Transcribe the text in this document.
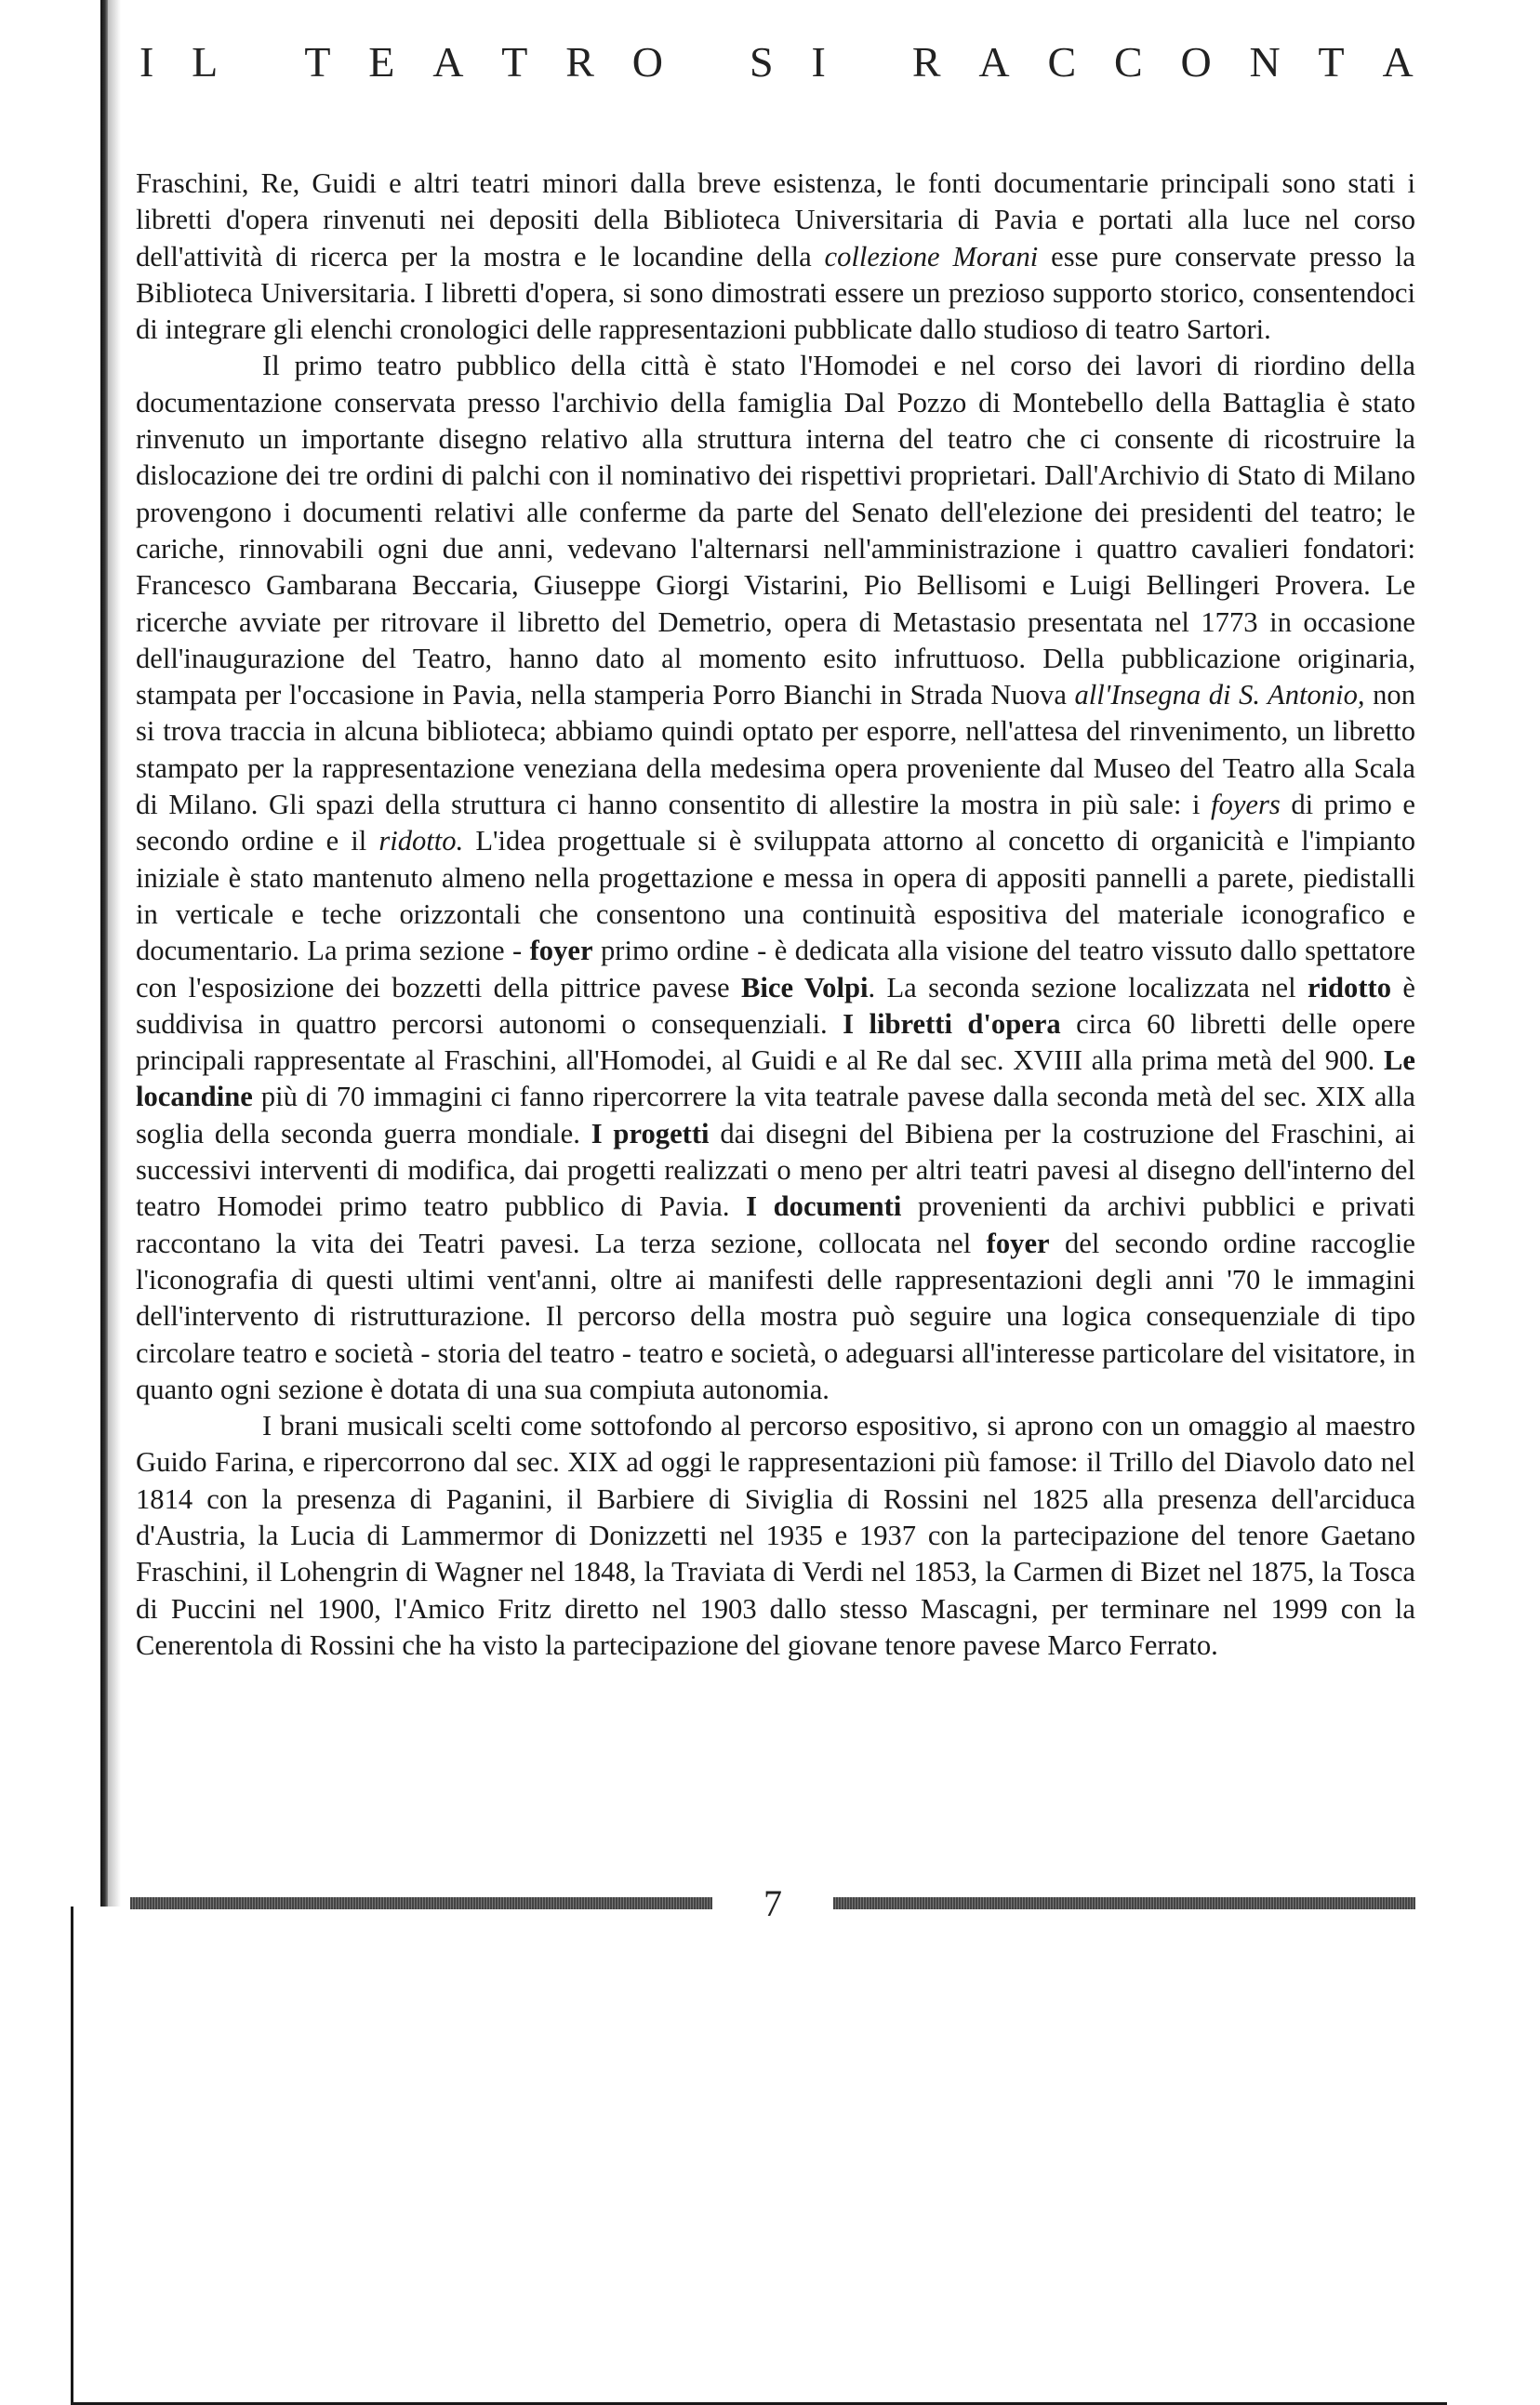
I L
T E A T R O
S I
R A C C O N T A

Fraschini, Re, Guidi e altri teatri minori dalla breve esistenza, le fonti documentarie principali sono stati i libretti d'opera rinvenuti nei depositi della Biblioteca Universitaria di Pavia e portati alla luce nel corso dell'attività di ricerca per la mostra e le locandine della collezione Morani esse pure conservate presso la Biblioteca Universitaria. I libretti d'opera, si sono dimostrati essere un prezioso supporto storico, consentendoci di integrare gli elenchi cronologici delle rappresentazioni pubblicate dallo studioso di teatro Sartori.

Il primo teatro pubblico della città è stato l'Homodei e nel corso dei lavori di riordino della documentazione conservata presso l'archivio della famiglia Dal Pozzo di Montebello della Battaglia è stato rinvenuto un importante disegno relativo alla struttura interna del teatro che ci consente di ricostruire la dislocazione dei tre ordini di palchi con il nominativo dei rispettivi proprietari. Dall'Archivio di Stato di Milano provengono i documenti relativi alle conferme da parte del Senato dell'elezione dei presidenti del teatro; le cariche, rinnovabili ogni due anni, vedevano l'alternarsi nell'amministrazione i quattro cavalieri fondatori: Francesco Gambarana Beccaria, Giuseppe Giorgi Vistarini, Pio Bellisomi e Luigi Bellingeri Provera. Le ricerche avviate per ritrovare il libretto del Demetrio, opera di Metastasio presentata nel 1773 in occasione dell'inaugurazione del Teatro, hanno dato al momento esito infruttuoso. Della pubblicazione originaria, stampata per l'occasione in Pavia, nella stamperia Porro Bianchi in Strada Nuova all'Insegna di S. Antonio, non si trova traccia in alcuna biblioteca; abbiamo quindi optato per esporre, nell'attesa del rinvenimento, un libretto stampato per la rappresentazione veneziana della medesima opera proveniente dal Museo del Teatro alla Scala di Milano. Gli spazi della struttura ci hanno consentito di allestire la mostra in più sale: i foyers di primo e secondo ordine e il ridotto. L'idea progettuale si è sviluppata attorno al concetto di organicità e l'impianto iniziale è stato mantenuto almeno nella progettazione e messa in opera di appositi pannelli a parete, piedistalli in verticale e teche orizzontali che consentono una continuità espositiva del materiale iconografico e documentario. La prima sezione - foyer primo ordine - è dedicata alla visione del teatro vissuto dallo spettatore con l'esposizione dei bozzetti della pittrice pavese Bice Volpi. La seconda sezione localizzata nel ridotto è suddivisa in quattro percorsi autonomi o consequenziali. I libretti d'opera circa 60 libretti delle opere principali rappresentate al Fraschini, all'Homodei, al Guidi e al Re dal sec. XVIII alla prima metà del 900. Le locandine più di 70 immagini ci fanno ripercorrere la vita teatrale pavese dalla seconda metà del sec. XIX alla soglia della seconda guerra mondiale. I progetti dai disegni del Bibiena per la costruzione del Fraschini, ai successivi interventi di modifica, dai progetti realizzati o meno per altri teatri pavesi al disegno dell'interno del teatro Homodei primo teatro pubblico di Pavia. I documenti provenienti da archivi pubblici e privati raccontano la vita dei Teatri pavesi. La terza sezione, collocata nel foyer del secondo ordine raccoglie l'iconografia di questi ultimi vent'anni, oltre ai manifesti delle rappresentazioni degli anni '70 le immagini dell'intervento di ristrutturazione. Il percorso della mostra può seguire una logica consequenziale di tipo circolare teatro e società - storia del teatro - teatro e società, o adeguarsi all'interesse particolare del visitatore, in quanto ogni sezione è dotata di una sua compiuta autonomia.

I brani musicali scelti come sottofondo al percorso espositivo, si aprono con un omaggio al maestro Guido Farina, e ripercorrono dal sec. XIX ad oggi le rappresentazioni più famose: il Trillo del Diavolo dato nel 1814 con la presenza di Paganini, il Barbiere di Siviglia di Rossini nel 1825 alla presenza dell'arciduca d'Austria, la Lucia di Lammermor di Donizzetti nel 1935 e 1937 con la partecipazione del tenore Gaetano Fraschini, il Lohengrin di Wagner nel 1848, la Traviata di Verdi nel 1853, la Carmen di Bizet nel 1875, la Tosca di Puccini nel 1900, l'Amico Fritz diretto nel 1903 dallo stesso Mascagni, per terminare nel 1999 con la Cenerentola di Rossini che ha visto la partecipazione del giovane tenore pavese Marco Ferrato.

7
